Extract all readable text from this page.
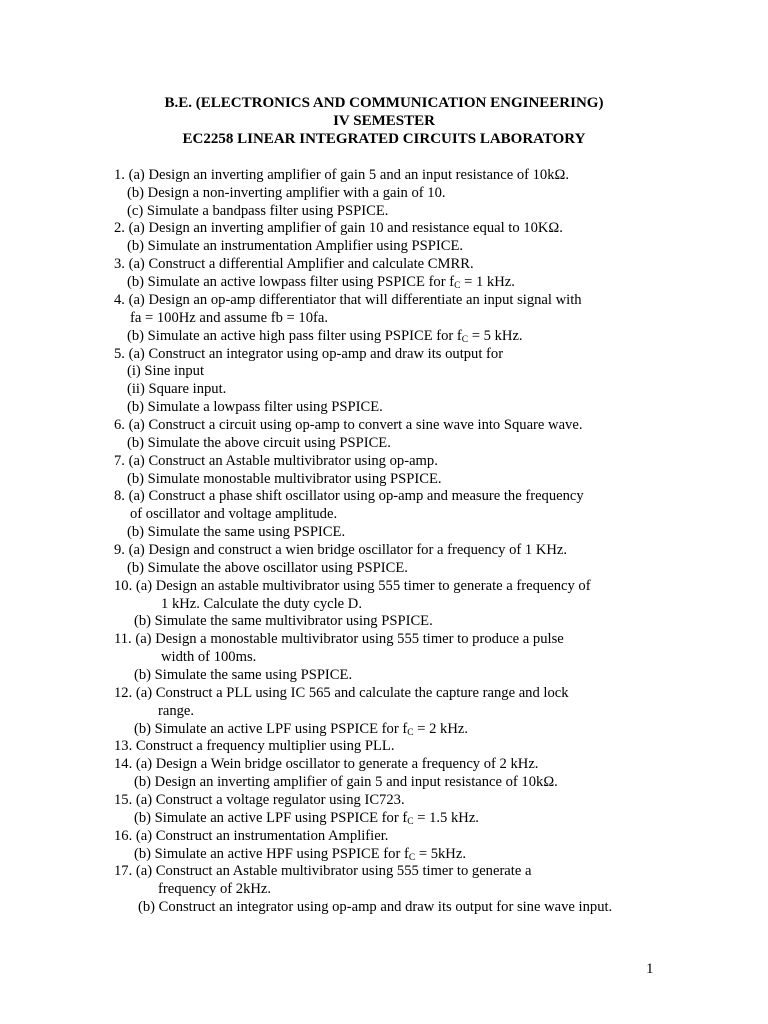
B.E. (ELECTRONICS AND COMMUNICATION ENGINEERING)
IV SEMESTER
EC2258 LINEAR INTEGRATED CIRCUITS LABORATORY
1. (a) Design an inverting amplifier of gain 5 and an input resistance of 10kΩ.
(b) Design a non-inverting amplifier with a gain of 10.
(c) Simulate a bandpass filter using PSPICE.
2. (a) Design an inverting amplifier of gain 10 and resistance equal to 10KΩ.
(b) Simulate an instrumentation Amplifier using PSPICE.
3. (a) Construct a differential Amplifier and calculate CMRR.
(b) Simulate an active lowpass filter using PSPICE for $f_C = 1$ kHz.
4. (a) Design an op-amp differentiator that will differentiate an input signal with
fa = 100Hz and assume fb = 10fa.
(b) Simulate an active high pass filter using PSPICE for $f_C = 5$ kHz.
5. (a) Construct an integrator using op-amp and draw its output for
(i) Sine input
(ii) Square input.
(b) Simulate a lowpass filter using PSPICE.
6. (a) Construct a circuit using op-amp to convert a sine wave into Square wave.
(b) Simulate the above circuit using PSPICE.
7. (a) Construct an Astable multivibrator using op-amp.
(b) Simulate monostable multivibrator using PSPICE.
8. (a) Construct a phase shift oscillator using op-amp and measure the frequency
of oscillator and voltage amplitude.
(b) Simulate the same using PSPICE.
9. (a) Design and construct a wien bridge oscillator for a frequency of 1 KHz.
(b) Simulate the above oscillator using PSPICE.
10. (a) Design an astable multivibrator using 555 timer to generate a frequency of
1 kHz. Calculate the duty cycle D.
(b) Simulate the same multivibrator using PSPICE.
11. (a) Design a monostable multivibrator using 555 timer to produce a pulse
width of 100ms.
(b) Simulate the same using PSPICE.
12. (a) Construct a PLL using IC 565 and calculate the capture range and lock
range.
(b) Simulate an active LPF using PSPICE for $f_C = 2$ kHz.
13. Construct a frequency multiplier using PLL.
14. (a) Design a Wein bridge oscillator to generate a frequency of 2 kHz.
(b) Design an inverting amplifier of gain 5 and input resistance of 10kΩ.
15. (a) Construct a voltage regulator using IC723.
(b) Simulate an active LPF using PSPICE for $f_C = 1.5$ kHz.
16. (a) Construct an instrumentation Amplifier.
(b) Simulate an active HPF using PSPICE for $f_C = 5kHz$.
17. (a) Construct an Astable multivibrator using 555 timer to generate a
frequency of 2kHz.
(b) Construct an integrator using op-amp and draw its output for sine wave input.
1
